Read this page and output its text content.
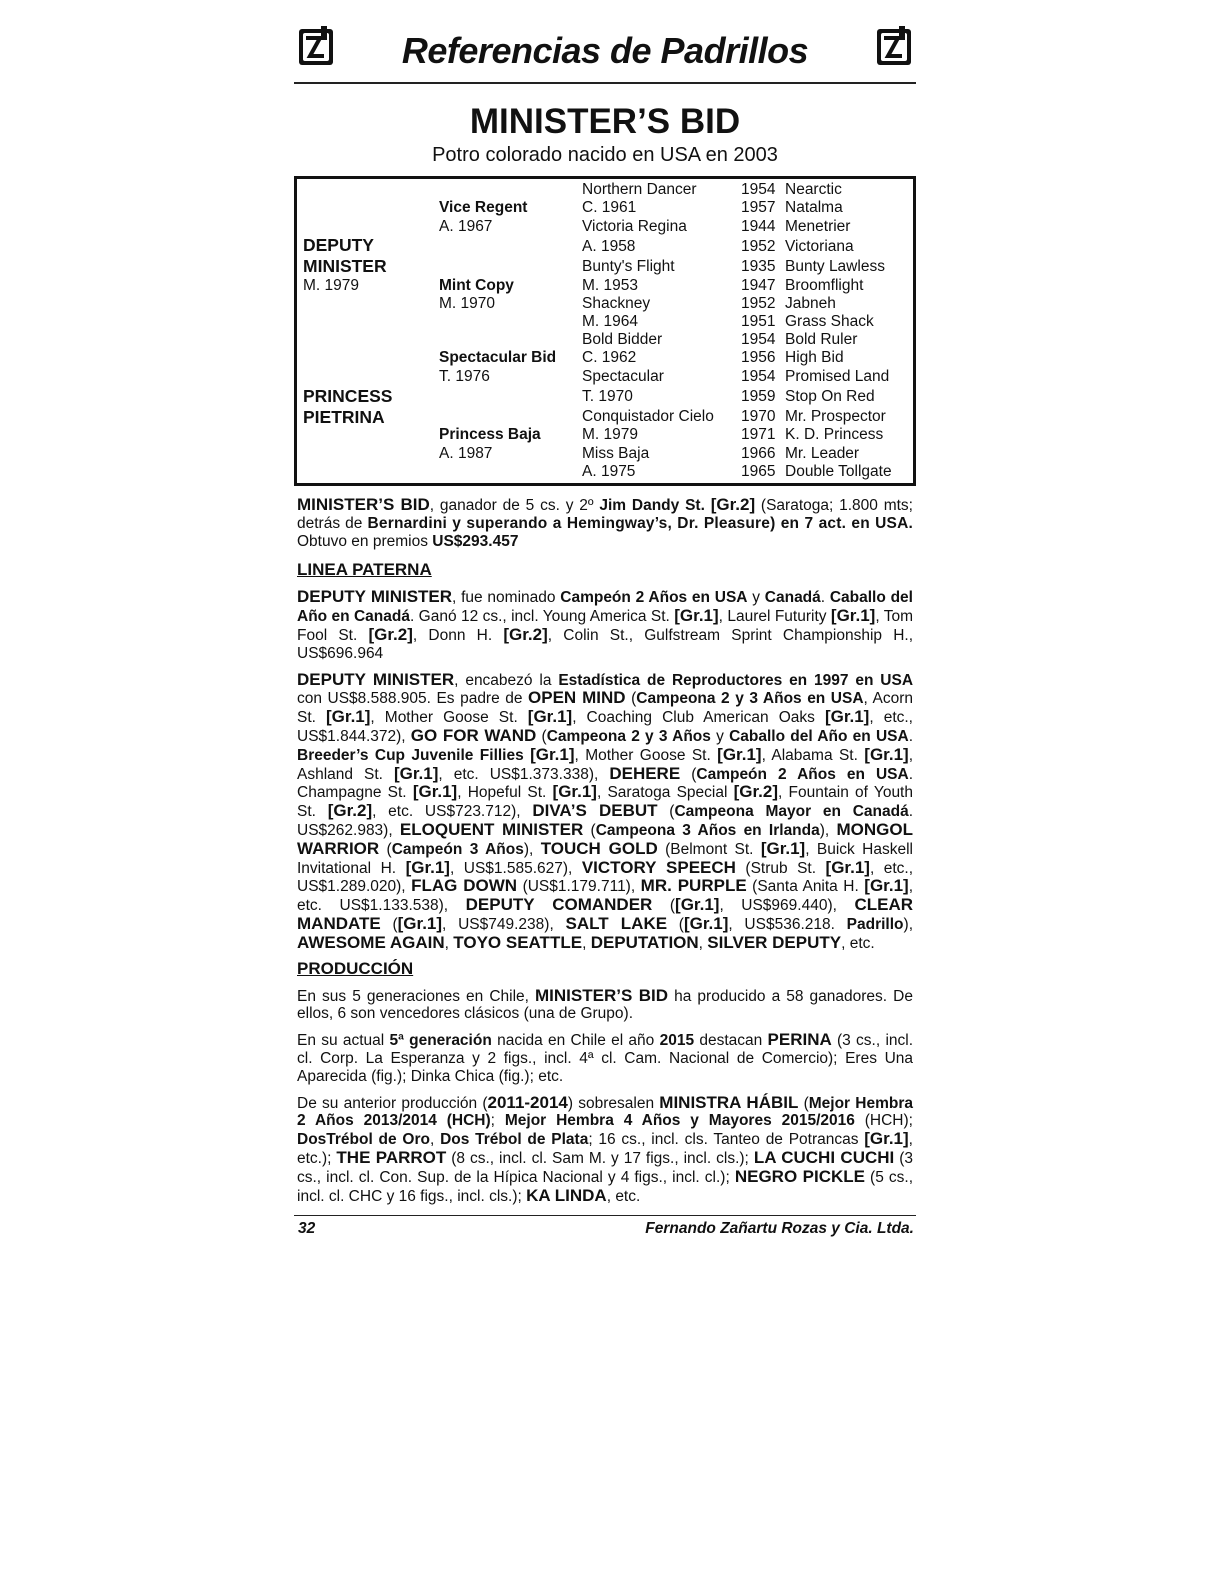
Referencias de Padrillos
MINISTER’S BID
Potro colorado nacido en USA en 2003
DEPUTY
MINISTER
M. 1979
PRINCESS
PIETRINA
Vice Regent
A. 1967
Mint Copy
M. 1970
Spectacular Bid
T. 1976
Princess Baja
A. 1987
Northern Dancer
C. 1961
Victoria Regina
A. 1958
Bunty's Flight
M. 1953
Shackney
M. 1964
Bold Bidder
C. 1962
Spectacular
T. 1970
Conquistador Cielo
M. 1979
Miss Baja
A. 1975
1954 Nearctic
1957 Natalma
1944 Menetrier
1952 Victoriana
1935 Bunty Lawless
1947 Broomflight
1952 Jabneh
1951 Grass Shack
1954 Bold Ruler
1956 High Bid
1954 Promised Land
1959 Stop On Red
1970 Mr. Prospector
1971 K. D. Princess
1966 Mr. Leader
1965 Double Tollgate

MINISTER’S BID, ganador de 5 cs. y 2º Jim Dandy St. [Gr.2] (Saratoga; 1.800 mts; detrás de Bernardini y superando a Hemingway’s, Dr. Pleasure) en 7 act. en USA. Obtuvo en premios US$293.457

LINEA PATERNA

DEPUTY MINISTER, fue nominado Campeón 2 Años en USA y Canadá. Caballo del Año en Canadá. Ganó 12 cs., incl. Young America St. [Gr.1], Laurel Futurity [Gr.1], Tom Fool St. [Gr.2], Donn H. [Gr.2], Colin St., Gulfstream Sprint Championship H., US$696.964

DEPUTY MINISTER, encabezó la Estadística de Reproductores en 1997 en USA con US$8.588.905. Es padre de OPEN MIND (Campeona 2 y 3 Años en USA, Acorn St. [Gr.1], Mother Goose St. [Gr.1], Coaching Club American Oaks [Gr.1], etc., US$1.844.372), GO FOR WAND (Campeona 2 y 3 Años y Caballo del Año en USA. Breeder’s Cup Juvenile Fillies [Gr.1], Mother Goose St. [Gr.1], Alabama St. [Gr.1], Ashland St. [Gr.1], etc. US$1.373.338), DEHERE (Campeón 2 Años en USA. Champagne St. [Gr.1], Hopeful St. [Gr.1], Saratoga Special [Gr.2], Fountain of Youth St. [Gr.2], etc. US$723.712), DIVA’S DEBUT (Campeona Mayor en Canadá. US$262.983), ELOQUENT MINISTER (Campeona 3 Años en Irlanda), MONGOL WARRIOR (Campeón 3 Años), TOUCH GOLD (Belmont St. [Gr.1], Buick Haskell Invitational H. [Gr.1], US$1.585.627), VICTORY SPEECH (Strub St. [Gr.1], etc., US$1.289.020), FLAG DOWN (US$1.179.711), MR. PURPLE (Santa Anita H. [Gr.1], etc. US$1.133.538), DEPUTY COMANDER ([Gr.1], US$969.440), CLEAR MANDATE ([Gr.1], US$749.238), SALT LAKE ([Gr.1], US$536.218. Padrillo), AWESOME AGAIN, TOYO SEATTLE, DEPUTATION, SILVER DEPUTY, etc.

PRODUCCIÓN

En sus 5 generaciones en Chile, MINISTER’S BID ha producido a 58 ganadores. De ellos, 6 son vencedores clásicos (una de Grupo).

En su actual 5ª generación nacida en Chile el año 2015 destacan PERINA (3 cs., incl. cl. Corp. La Esperanza y 2 figs., incl. 4ª cl. Cam. Nacional de Comercio); Eres Una Aparecida (fig.); Dinka Chica (fig.); etc.

De su anterior producción (2011-2014) sobresalen MINISTRA HÁBIL (Mejor Hembra 2 Años 2013/2014 (HCH); Mejor Hembra 4 Años y Mayores 2015/2016 (HCH); DosTrébol de Oro, Dos Trébol de Plata; 16 cs., incl. cls. Tanteo de Potrancas [Gr.1], etc.); THE PARROT (8 cs., incl. cl. Sam M. y 17 figs., incl. cls.); LA CUCHI CUCHI (3 cs., incl. cl. Con. Sup. de la Hípica Nacional y 4 figs., incl. cl.); NEGRO PICKLE (5 cs., incl. cl. CHC y 16 figs., incl. cls.); KA LINDA, etc.

32	Fernando Zañartu Rozas y Cia. Ltda.
